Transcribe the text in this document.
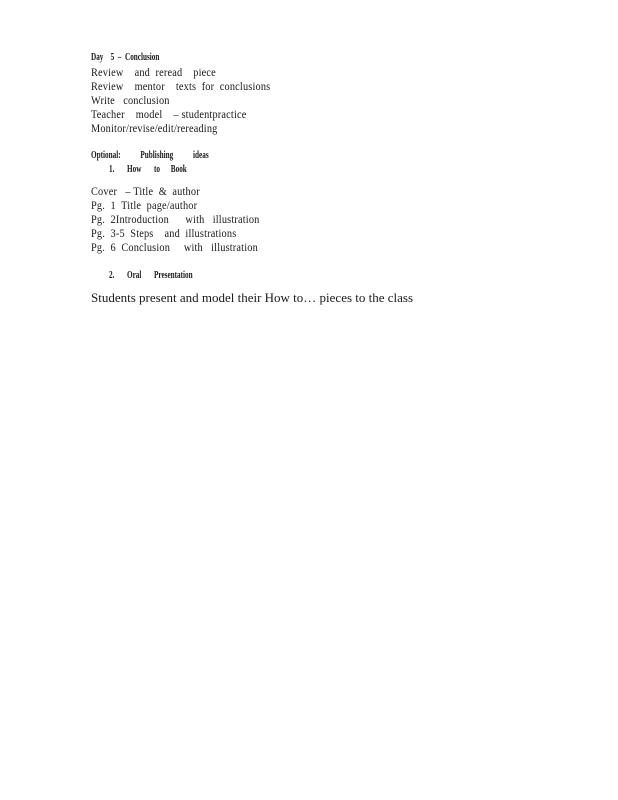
Day    5  –  Conclusion
Review    and  reread    piece
Review    mentor    texts  for  conclusions
Write   conclusion
Teacher    model    – studentpractice
Monitor/revise/edit/rereading
Optional:           Publishing           ideas
1.       How       to      Book
Cover   – Title  &  author
Pg.  1  Title  page/author
Pg.  2Introduction      with   illustration
Pg.  3-5  Steps    and  illustrations
Pg.  6  Conclusion     with   illustration
2.       Oral       Presentation
Students present and model their How to… pieces to the class
